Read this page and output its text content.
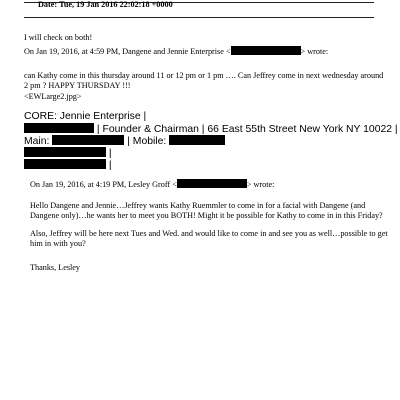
Date: Tue, 19 Jan 2016 22:02:18 +0000
I will check on both!
On Jan 19, 2016, at 4:59 PM, Dangene and Jennie Enterprise <	> wrote:
can Kathy come in this thursday around 11 or 12 pm or 1 pm …. Can Jeffrey come in next wednesday around
2 pm ? HAPPY THURSDAY !!!
<EWLarge2.jpg>
CORE: Jennie Enterprise |
| Founder & Chairman | 66 East 55th Street New York NY 10022 |
Main:	| Mobile:
|
|
On Jan 19, 2016, at 4:19 PM, Lesley Groff <	> wrote:
Hello Dangene and Jennie…Jeffrey wants Kathy Ruemmler to come in for a facial with Dangene (and
Dangene only)…he wants her to meet you BOTH! Might it be possible for Kathy to come in in this Friday?
Also, Jeffrey will be here next Tues and Wed. and would like to come in and see you as well…possible to get
him in with you?
Thanks, Lesley
